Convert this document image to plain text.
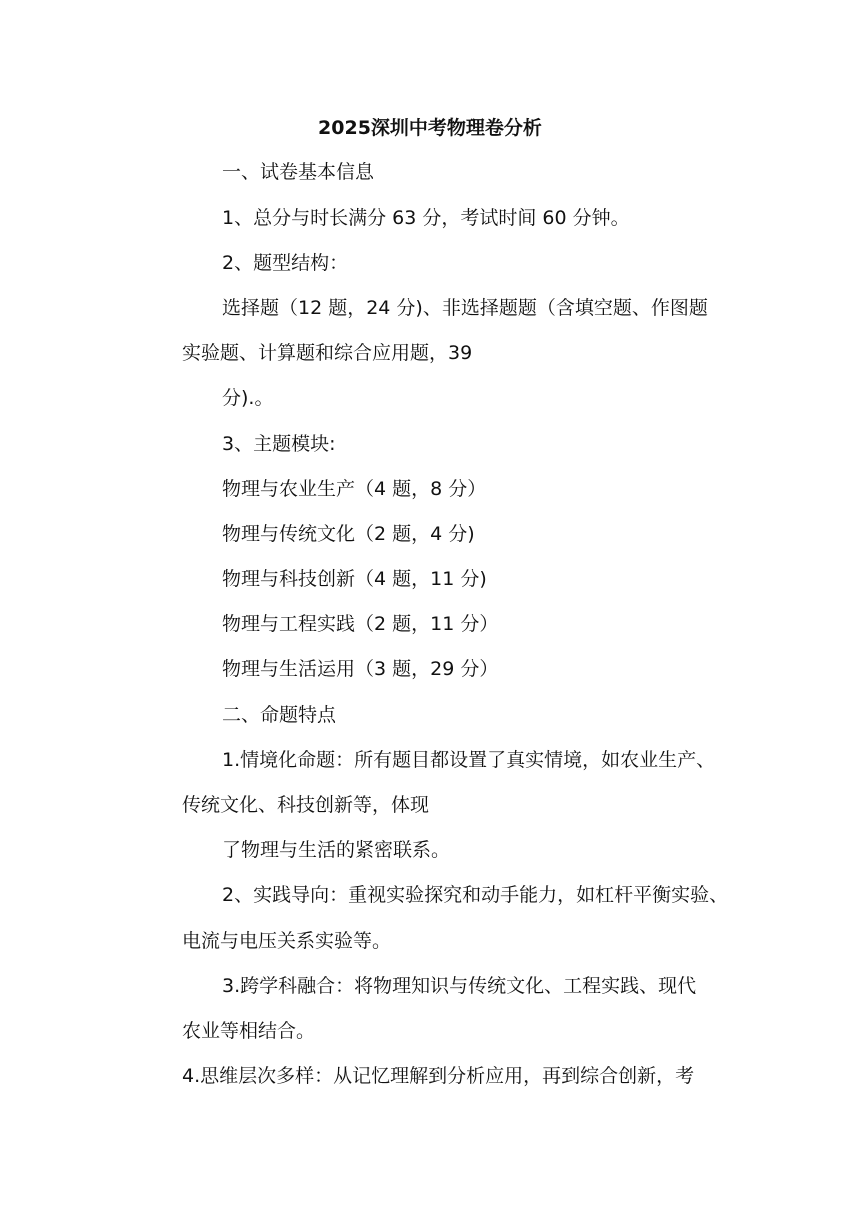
2025深圳中考物理卷分析
一、试卷基本信息
1、总分与时长满分 63 分，考试时间 60 分钟。
2、题型结构：
选择题（12 题，24 分)、非选择题题（含填空题、作图题
实验题、计算题和综合应用题，39
分).。
3、主题模块:
物理与农业生产（4 题，8 分）
物理与传统文化（2 题，4 分)
物理与科技创新（4 题，11 分)
物理与工程实践（2 题，11 分）
物理与生活运用（3 题，29 分）
二、命题特点
1.情境化命题：所有题目都设置了真实情境，如农业生产、
传统文化、科技创新等，体现
了物理与生活的紧密联系。
2、实践导向：重视实验探究和动手能力，如杠杆平衡实验、
电流与电压关系实验等。
3.跨学科融合：将物理知识与传统文化、工程实践、现代
农业等相结合。
4.思维层次多样：从记忆理解到分析应用，再到综合创新，考
